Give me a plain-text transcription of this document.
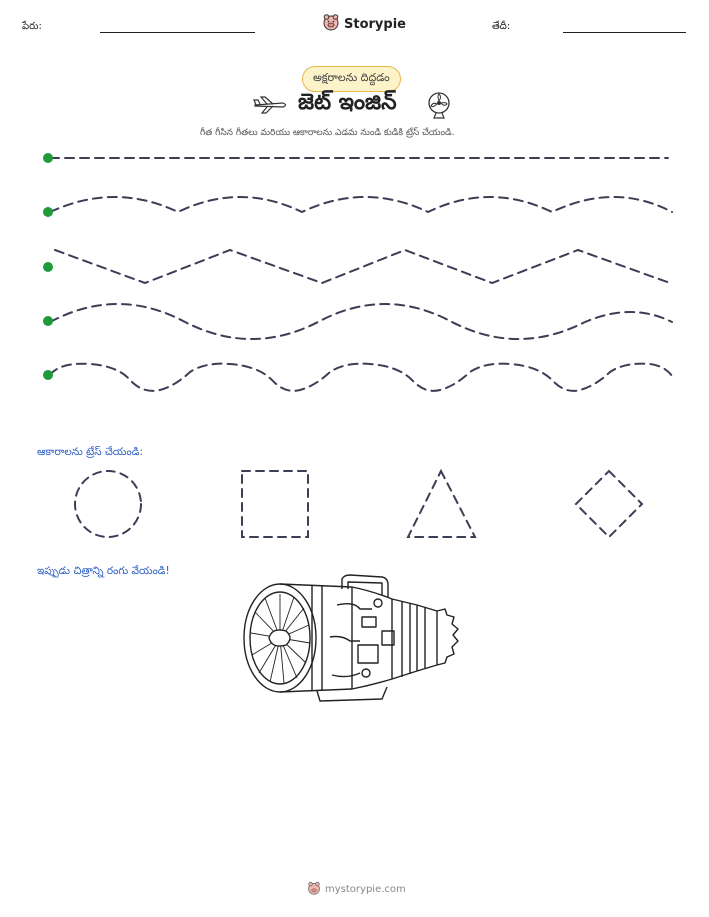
పేరు:	Storypie	తేదీ:
అక్షరాలను దిద్దడం
జెట్ ఇంజిన్
గీత గీసిన గీతలు మరియు ఆకారాలను ఎడమ నుండి కుడికి ట్రేస్ చేయండి.
ఆకారాలను ట్రేస్ చేయండి:
ఇప్పుడు చిత్రాన్ని రంగు వేయండి!
mystorypie.com
